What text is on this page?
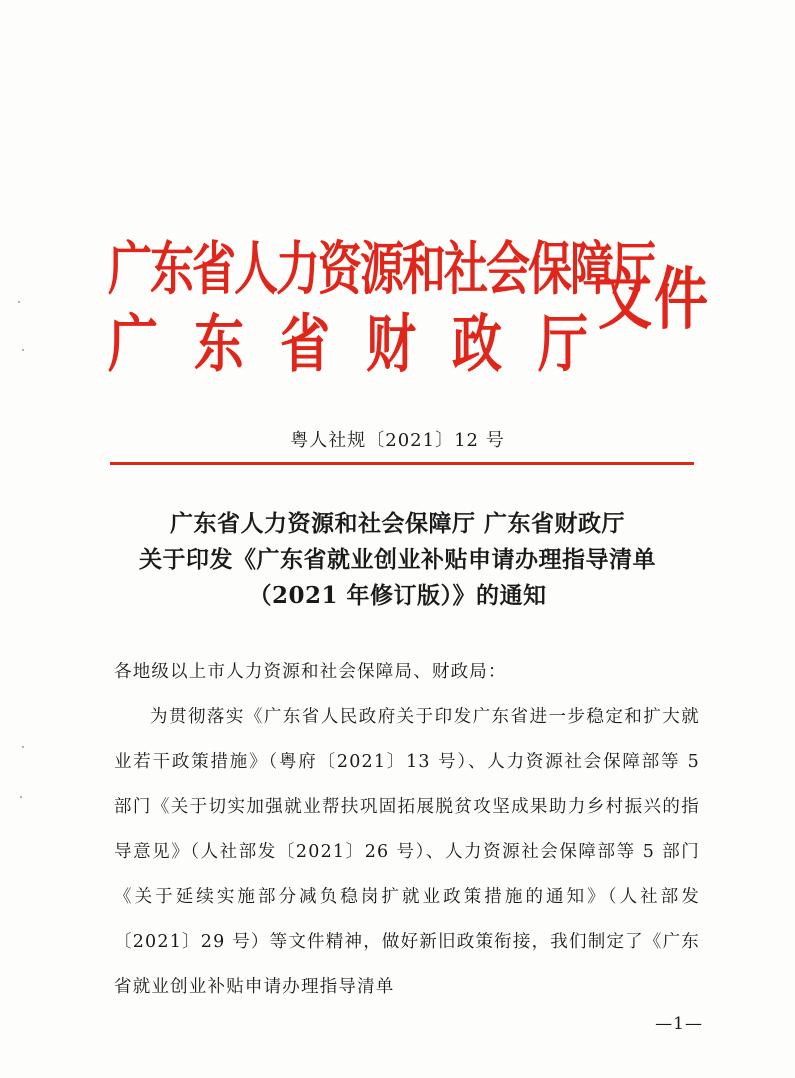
广东省人力资源和社会保障厅
广东省财政厅
文件
粤人社规〔2021〕12 号
广东省人力资源和社会保障厅 广东省财政厅
关于印发《广东省就业创业补贴申请办理指导清单
（2021 年修订版）》的通知

各地级以上市人力资源和社会保障局、财政局：

为贯彻落实《广东省人民政府关于印发广东省进一步稳定和扩大就业若干政策措施》（粤府〔2021〕13 号）、人力资源社会保障部等 5 部门《关于切实加强就业帮扶巩固拓展脱贫攻坚成果助力乡村振兴的指导意见》（人社部发〔2021〕26 号）、人力资源社会保障部等 5 部门《关于延续实施部分减负稳岗扩就业政策措施的通知》（人社部发〔2021〕29 号）等文件精神，做好新旧政策衔接，我们制定了《广东省就业创业补贴申请办理指导清单

—1—
